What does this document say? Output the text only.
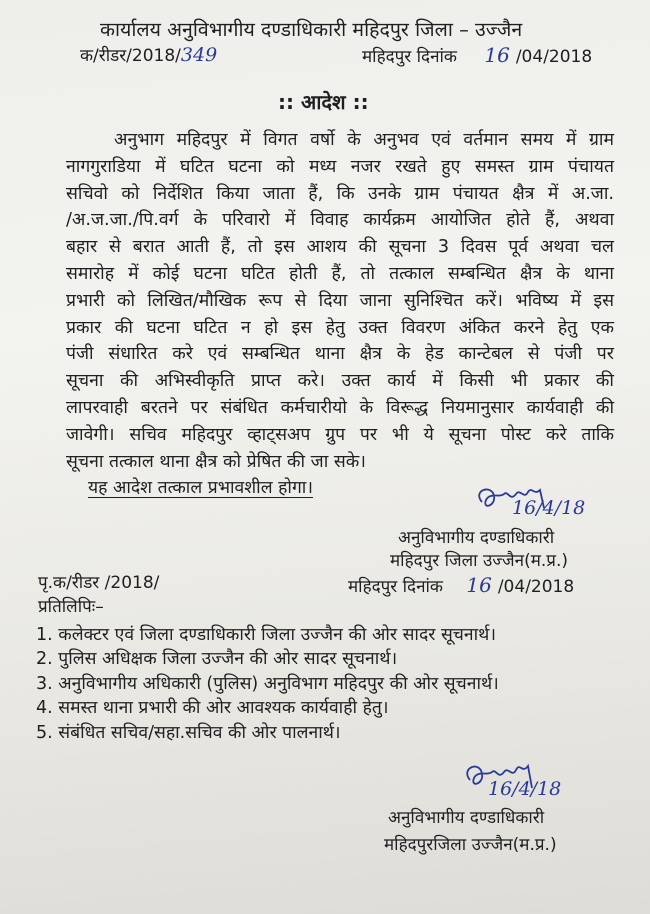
कार्यालय अनुविभागीय दण्डाधिकारी महिदपुर जिला – उज्जैन
क/रीडर/2018/349	महिदपुर दिनांक 16 /04/2018
:: आदेश ::
अनुभाग महिदपुर में विगत वर्षो के अनुभव एवं वर्तमान समय में ग्राम
नागगुराडिया में घटित घटना को मध्य नजर रखते हुए समस्त ग्राम पंचायत
सचिवो को निर्देशित किया जाता हैं, कि उनके ग्राम पंचायत क्षैत्र में अ.जा.
/अ.ज.जा./पि.वर्ग के परिवारो में विवाह कार्यक्रम आयोजित होते हैं, अथवा
बहार से बरात आती हैं, तो इस आशय की सूचना 3 दिवस पूर्व अथवा चल
समारोह में कोई घटना घटित होती हैं, तो तत्काल सम्बन्धित क्षैत्र के थाना
प्रभारी को लिखित/मौखिक रूप से दिया जाना सुनिश्चित करें। भविष्य में इस
प्रकार की घटना घटित न हो इस हेतु उक्त विवरण अंकित करने हेतु एक
पंजी संधारित करे एवं सम्बन्धित थाना क्षैत्र के हेड कान्टेबल से पंजी पर
सूचना की अभिस्वीकृति प्राप्त करे। उक्त कार्य में किसी भी प्रकार की
लापरवाही बरतने पर संबंधित कर्मचारीयो के विरूद्ध नियमानुसार कार्यवाही की
जावेगी। सचिव महिदपुर व्हाट्सअप ग्रुप पर भी ये सूचना पोस्ट करे ताकि
सूचना तत्काल थाना क्षैत्र को प्रेषित की जा सके।
यह आदेश तत्काल प्रभावशील होगा।
16/4/18
अनुविभागीय दण्डाधिकारी
महिदपुर जिला उज्जैन(म.प्र.)
पृ.क/रीडर /2018/	महिदपुर दिनांक 16 /04/2018
प्रतिलिपिः–
1. कलेक्टर एवं जिला दण्डाधिकारी जिला उज्जैन की ओर सादर सूचनार्थ।
2. पुलिस अधिक्षक जिला उज्जैन की ओर सादर सूचनार्थ।
3. अनुविभागीय अधिकारी (पुलिस) अनुविभाग महिदपुर की ओर सूचनार्थ।
4. समस्त थाना प्रभारी की ओर आवश्यक कार्यवाही हेतु।
5. संबंधित सचिव/सहा.सचिव की ओर पालनार्थ।
16/4/18
अनुविभागीय दण्डाधिकारी
महिदपुरजिला उज्जैन(म.प्र.)
